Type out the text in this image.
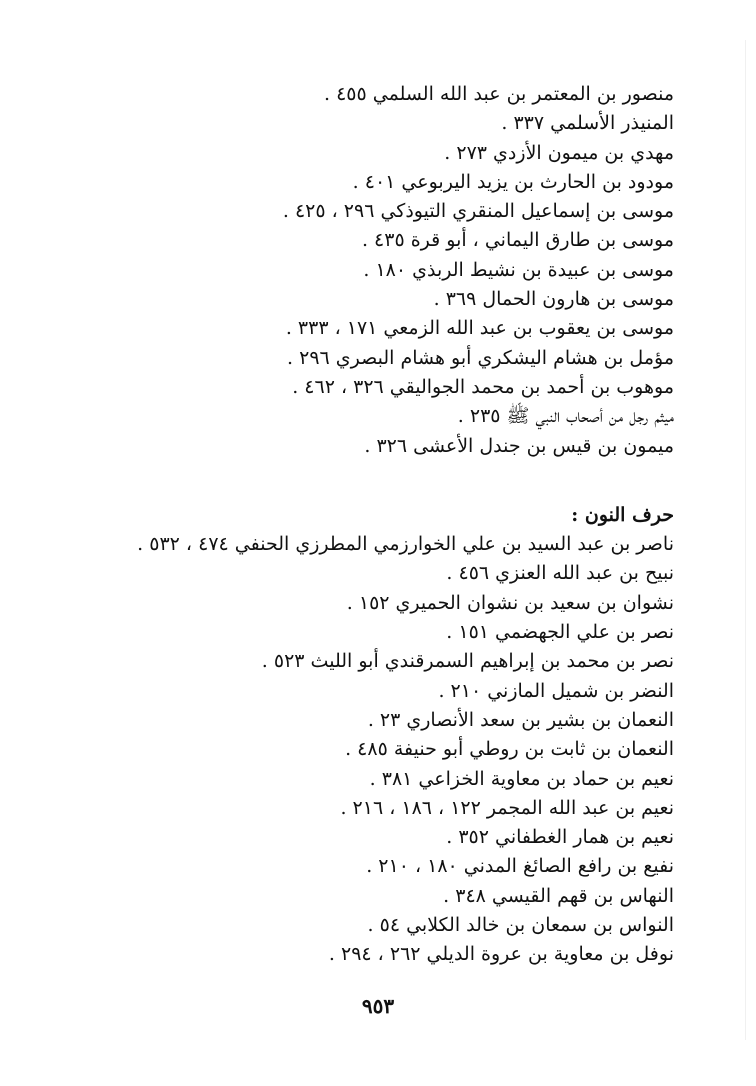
منصور بن المعتمر بن عبد الله السلمي ٤٥٥ .
المنيذر الأسلمي ٣٣٧ .
مهدي بن ميمون الأزدي ٢٧٣ .
مودود بن الحارث بن يزيد اليربوعي ٤٠١ .
موسى بن إسماعيل المنقري التيوذكي ٢٩٦ ، ٤٢٥ .
موسى بن طارق اليماني ، أبو قرة ٤٣٥ .
موسى بن عبيدة بن نشيط الربذي ١٨٠ .
موسى بن هارون الحمال ٣٦٩ .
موسى بن يعقوب بن عبد الله الزمعي ١٧١ ، ٣٣٣ .
مؤمل بن هشام اليشكري أبو هشام البصري ٢٩٦ .
موهوب بن أحمد بن محمد الجواليقي ٣٢٦ ، ٤٦٢ .
ميثم رجل من أصحاب النبي ﷺ ٢٣٥ .
ميمون بن قيس بن جندل الأعشى ٣٢٦ .
حرف النون :
ناصر بن عبد السيد بن علي الخوارزمي المطرزي الحنفي ٤٧٤ ، ٥٣٢ .
نبيح بن عبد الله العنزي ٤٥٦ .
نشوان بن سعيد بن نشوان الحميري ١٥٢ .
نصر بن علي الجهضمي ١٥١ .
نصر بن محمد بن إبراهيم السمرقندي أبو الليث ٥٢٣ .
النضر بن شميل المازني ٢١٠ .
النعمان بن بشير بن سعد الأنصاري ٢٣ .
النعمان بن ثابت بن روطي أبو حنيفة ٤٨٥ .
نعيم بن حماد بن معاوية الخزاعي ٣٨١ .
نعيم بن عبد الله المجمر ١٢٢ ، ١٨٦ ، ٢١٦ .
نعيم بن همار الغطفاني ٣٥٢ .
نفيع بن رافع الصائغ المدني ١٨٠ ، ٢١٠ .
النهاس بن قهم القيسي ٣٤٨ .
النواس بن سمعان بن خالد الكلابي ٥٤ .
نوفل بن معاوية بن عروة الديلي ٢٦٢ ، ٢٩٤ .
٩٥٣
